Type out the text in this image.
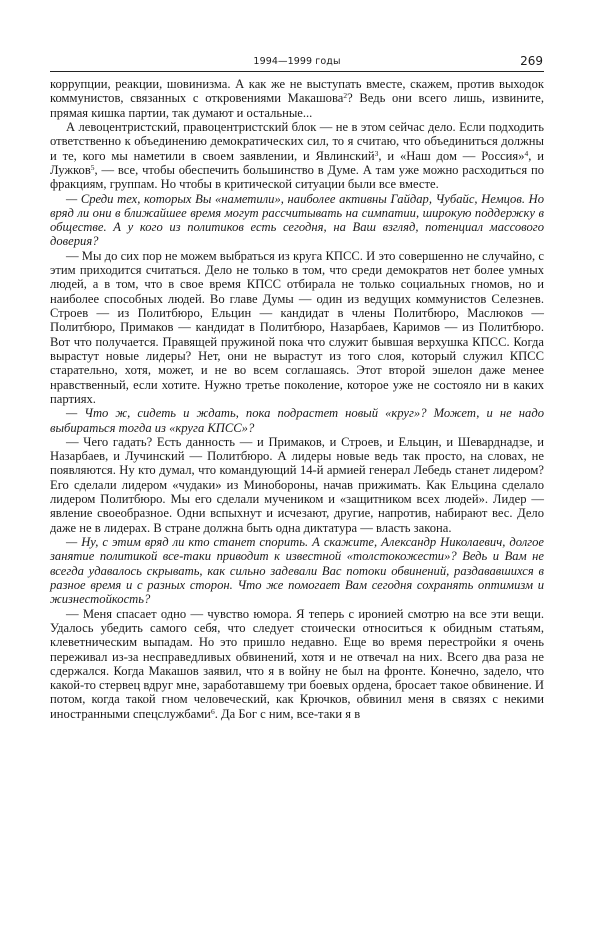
1994—1999 годы	269

коррупции, реакции, шовинизма. А как же не выступать вместе, скажем, против выходок коммунистов, связанных с откровениями Макашова$^2$? Ведь они всего лишь, извините, прямая кишка партии, так думают и остальные...

А левоцентристский, правоцентристский блок — не в этом сейчас дело. Если подходить ответственно к объединению демократических сил, то я считаю, что объединиться должны и те, кого мы наметили в своем заявлении, и Явлинский$^3$, и «Наш дом — Россия»$^4$, и Лужков$^5$, — все, чтобы обеспечить большинство в Думе. А там уже можно расходиться по фракциям, группам. Но чтобы в критической ситуации были все вместе.

— Среди тех, которых Вы «наметили», наиболее активны Гайдар, Чубайс, Немцов. Но вряд ли они в ближайшее время могут рассчитывать на симпатии, широкую поддержку в обществе. А у кого из политиков есть сегодня, на Ваш взгляд, потенциал массового доверия?

— Мы до сих пор не можем выбраться из круга КПСС. И это совершенно не случайно, с этим приходится считаться. Дело не только в том, что среди демократов нет более умных людей, а в том, что в свое время КПСС отбирала не только социальных гномов, но и наиболее способных людей. Во главе Думы — один из ведущих коммунистов Селезнев. Строев — из Политбюро, Ельцин — кандидат в члены Политбюро, Маслюков — Политбюро, Примаков — кандидат в Политбюро, Назарбаев, Каримов — из Политбюро. Вот что получается. Правящей пружиной пока что служит бывшая верхушка КПСС. Когда вырастут новые лидеры? Нет, они не вырастут из того слоя, который служил КПСС старательно, хотя, может, и не во всем соглашаясь. Этот второй эшелон даже менее нравственный, если хотите. Нужно третье поколение, которое уже не состояло ни в каких партиях.

— Что ж, сидеть и ждать, пока подрастет новый «круг»? Может, и не надо выбираться тогда из «круга КПСС»?

— Чего гадать? Есть данность — и Примаков, и Строев, и Ельцин, и Шеварднадзе, и Назарбаев, и Лучинский — Политбюро. А лидеры новые ведь так просто, на словах, не появляются. Ну кто думал, что командующий 14-й армией генерал Лебедь станет лидером? Его сделали лидером «чудаки» из Минобороны, начав прижимать. Как Ельцина сделало лидером Политбюро. Мы его сделали мучеником и «защитником всех людей». Лидер — явление своеобразное. Одни вспыхнут и исчезают, другие, напротив, набирают вес. Дело даже не в лидерах. В стране должна быть одна диктатура — власть закона.

— Ну, с этим вряд ли кто станет спорить. А скажите, Александр Николаевич, долгое занятие политикой все-таки приводит к известной «толстокожести»? Ведь и Вам не всегда удавалось скрывать, как сильно задевали Вас потоки обвинений, раздававшихся в разное время и с разных сторон. Что же помогает Вам сегодня сохранять оптимизм и жизнестойкость?

— Меня спасает одно — чувство юмора. Я теперь с иронией смотрю на все эти вещи. Удалось убедить самого себя, что следует стоически относиться к обидным статьям, клеветническим выпадам. Но это пришло недавно. Еще во время перестройки я очень переживал из-за несправедливых обвинений, хотя и не отвечал на них. Всего два раза не сдержался. Когда Макашов заявил, что я в войну не был на фронте. Конечно, задело, что какой-то стервец вдруг мне, заработавшему три боевых ордена, бросает такое обвинение. И потом, когда такой гном человеческий, как Крючков, обвинил меня в связях с некими иностранными спецслужбами$^6$. Да Бог с ним, все-таки я в
